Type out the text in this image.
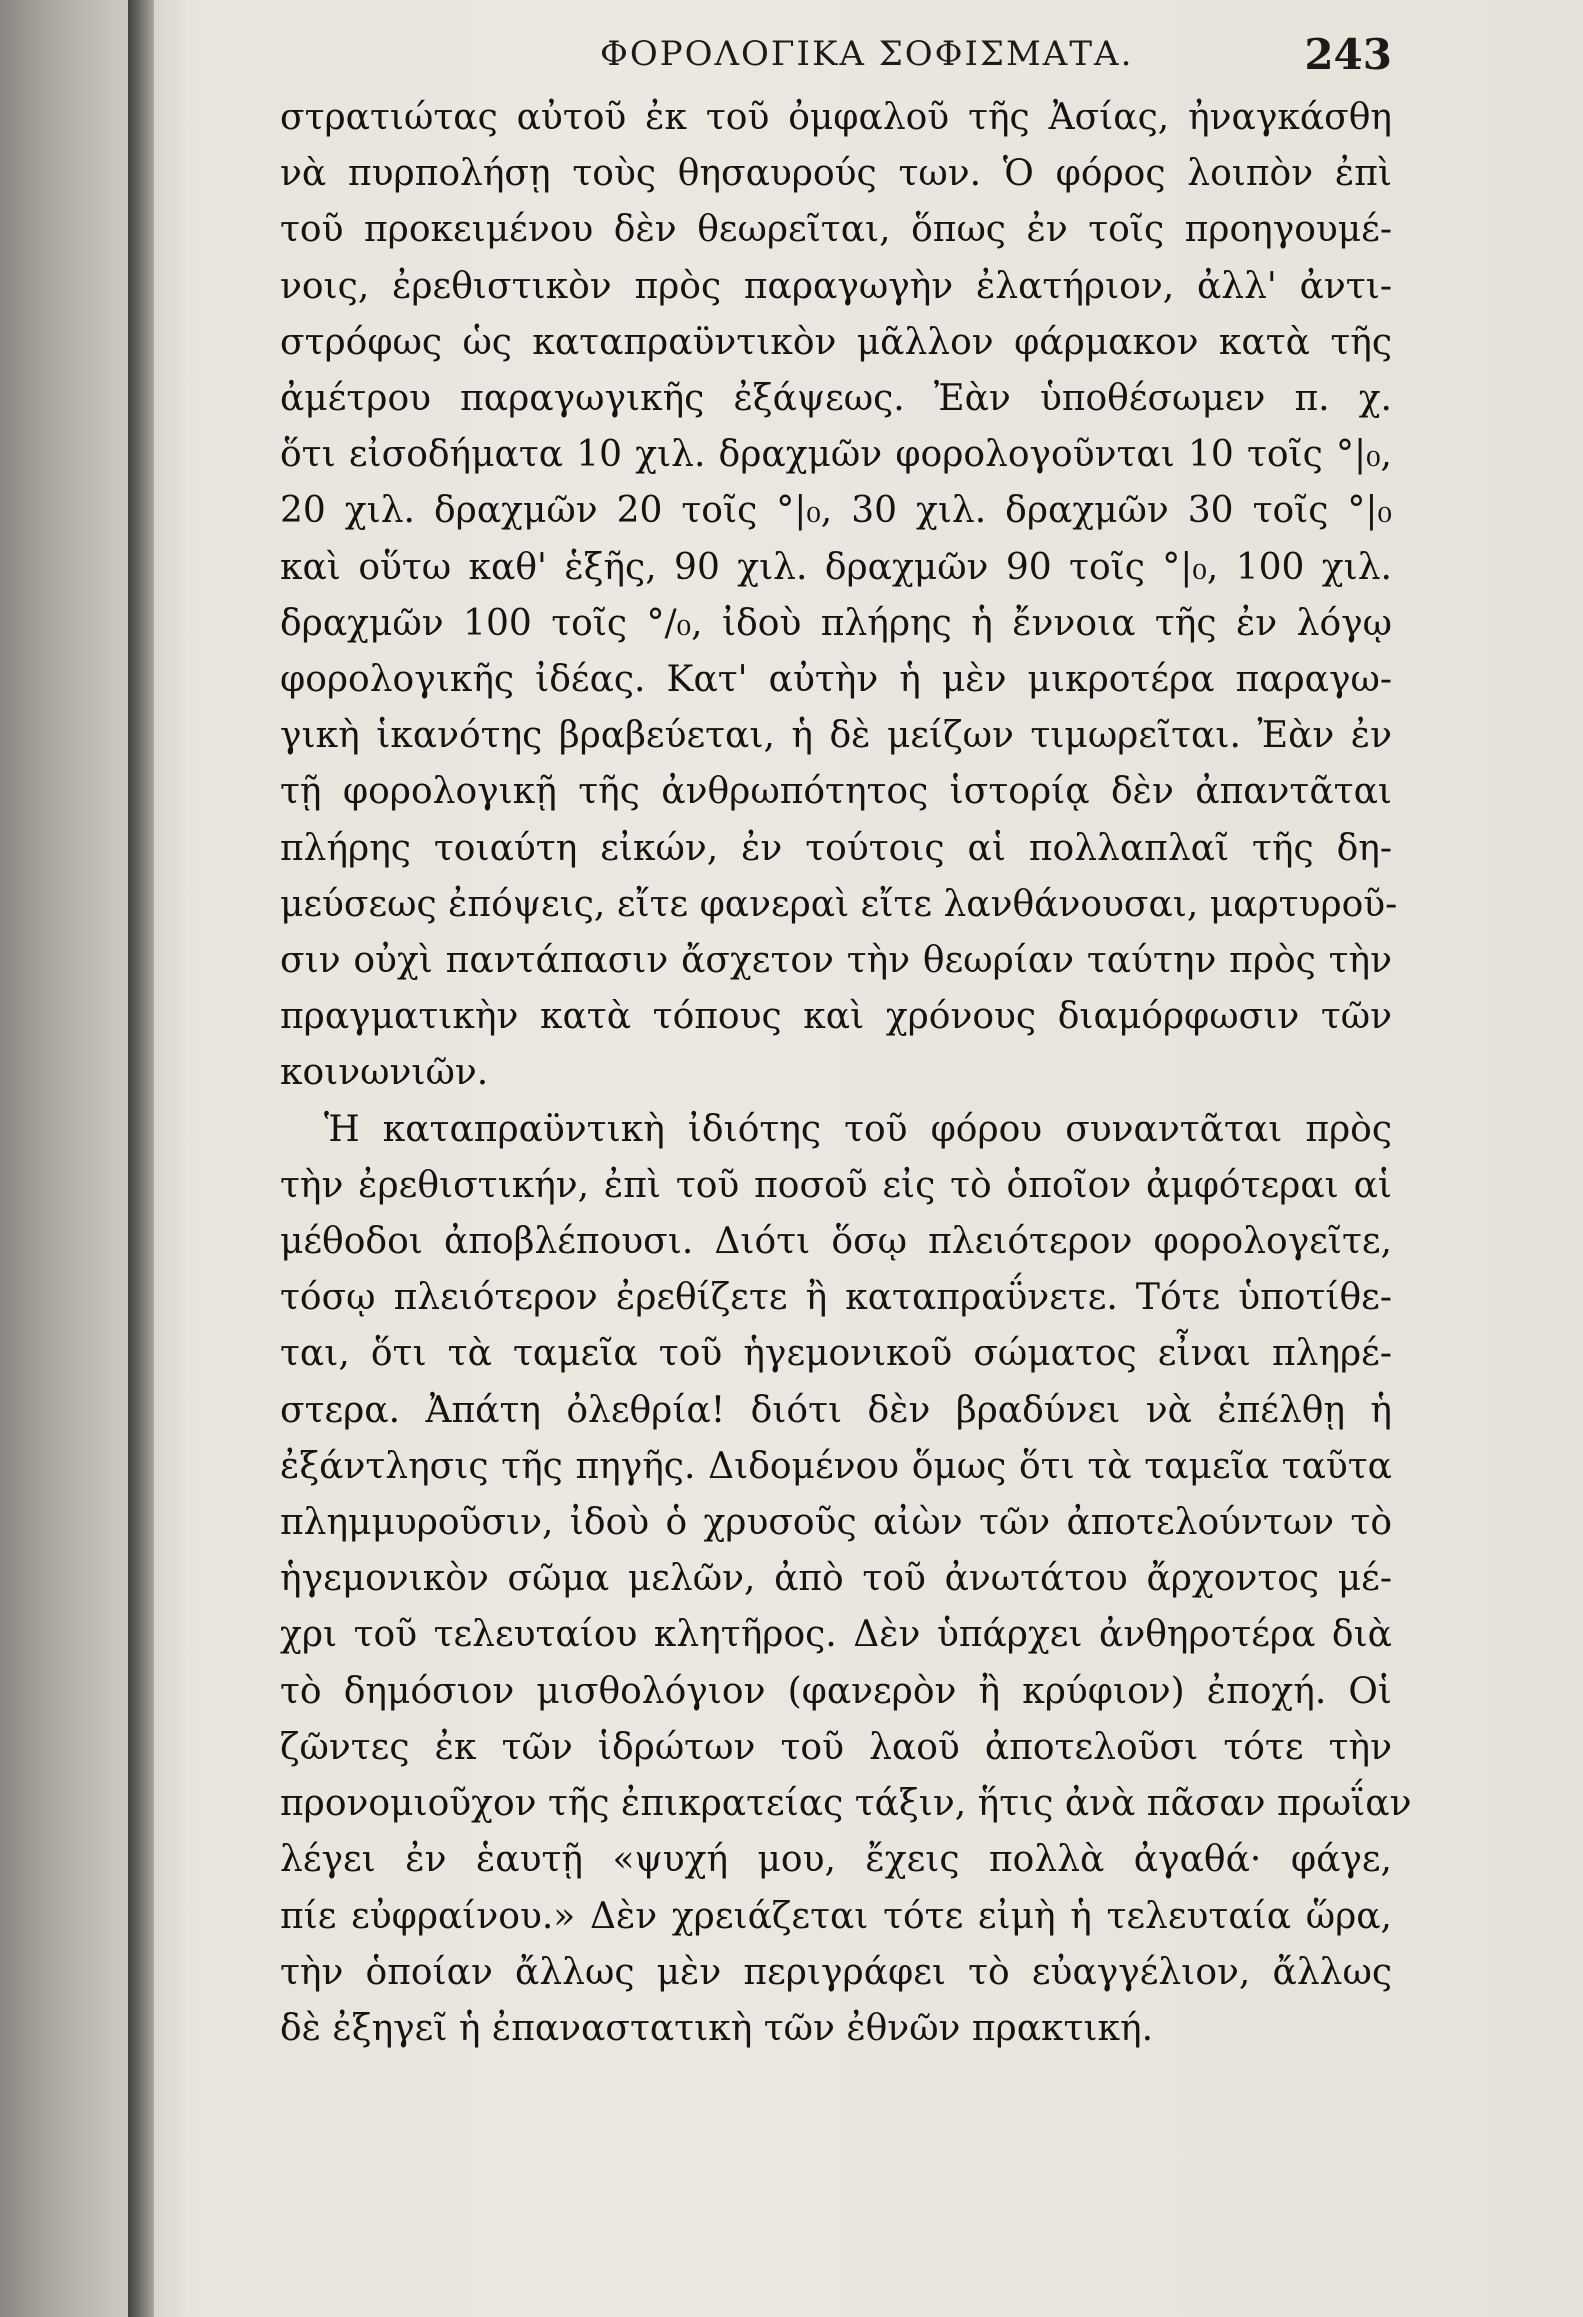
ΦΟΡΟΛΟΓΙΚΑ ΣΟΦΙΣΜΑΤΑ.	243
στρατιώτας αὐτοῦ ἐκ τοῦ ὀμφαλοῦ τῆς Ἀσίας, ἠναγκάσθη
νὰ πυρπολήσῃ τοὺς θησαυρούς των. Ὁ φόρος λοιπὸν ἐπὶ
τοῦ προκειμένου δὲν θεωρεῖται, ὅπως ἐν τοῖς προηγουμέ-
νοις, ἐρεθιστικὸν πρὸς παραγωγὴν ἐλατήριον, ἀλλ' ἀντι-
στρόφως ὡς καταπραϋντικὸν μᾶλλον φάρμακον κατὰ τῆς
ἀμέτρου παραγωγικῆς ἐξάψεως. Ἐὰν ὑποθέσωμεν π. χ.
ὅτι εἰσοδήματα 10 χιλ. δραχμῶν φορολογοῦνται 10 τοῖς °|₀,
20 χιλ. δραχμῶν 20 τοῖς °|₀, 30 χιλ. δραχμῶν 30 τοῖς °|₀
καὶ οὕτω καθ' ἑξῆς, 90 χιλ. δραχμῶν 90 τοῖς °|₀, 100 χιλ.
δραχμῶν 100 τοῖς °/₀, ἰδοὺ πλήρης ἡ ἔννοια τῆς ἐν λόγῳ
φορολογικῆς ἰδέας. Κατ' αὐτὴν ἡ μὲν μικροτέρα παραγω-
γικὴ ἱκανότης βραβεύεται, ἡ δὲ μείζων τιμωρεῖται. Ἐὰν ἐν
τῇ φορολογικῇ τῆς ἀνθρωπότητος ἱστορίᾳ δὲν ἀπαντᾶται
πλήρης τοιαύτη εἰκών, ἐν τούτοις αἱ πολλαπλαῖ τῆς δη-
μεύσεως ἐπόψεις, εἴτε φανεραὶ εἴτε λανθάνουσαι, μαρτυροῦ-
σιν οὐχὶ παντάπασιν ἄσχετον τὴν θεωρίαν ταύτην πρὸς τὴν
πραγματικὴν κατὰ τόπους καὶ χρόνους διαμόρφωσιν τῶν
κοινωνιῶν.
Ἡ καταπραϋντικὴ ἰδιότης τοῦ φόρου συναντᾶται πρὸς
τὴν ἐρεθιστικήν, ἐπὶ τοῦ ποσοῦ εἰς τὸ ὁποῖον ἀμφότεραι αἱ
μέθοδοι ἀποβλέπουσι. Διότι ὅσῳ πλειότερον φορολογεῖτε,
τόσῳ πλειότερον ἐρεθίζετε ἢ καταπραΰνετε. Τότε ὑποτίθε-
ται, ὅτι τὰ ταμεῖα τοῦ ἡγεμονικοῦ σώματος εἶναι πληρέ-
στερα. Ἀπάτη ὀλεθρία! διότι δὲν βραδύνει νὰ ἐπέλθῃ ἡ
ἐξάντλησις τῆς πηγῆς. Διδομένου ὅμως ὅτι τὰ ταμεῖα ταῦτα
πλημμυροῦσιν, ἰδοὺ ὁ χρυσοῦς αἰὼν τῶν ἀποτελούντων τὸ
ἡγεμονικὸν σῶμα μελῶν, ἀπὸ τοῦ ἀνωτάτου ἄρχοντος μέ-
χρι τοῦ τελευταίου κλητῆρος. Δὲν ὑπάρχει ἀνθηροτέρα διὰ
τὸ δημόσιον μισθολόγιον (φανερὸν ἢ κρύφιον) ἐποχή. Οἱ
ζῶντες ἐκ τῶν ἱδρώτων τοῦ λαοῦ ἀποτελοῦσι τότε τὴν
προνομιοῦχον τῆς ἐπικρατείας τάξιν, ἥτις ἀνὰ πᾶσαν πρωΐαν
λέγει ἐν ἑαυτῇ «ψυχή μου, ἔχεις πολλὰ ἀγαθά· φάγε,
πίε εὐφραίνου.» Δὲν χρειάζεται τότε εἰμὴ ἡ τελευταία ὥρα,
τὴν ὁποίαν ἄλλως μὲν περιγράφει τὸ εὐαγγέλιον, ἄλλως
δὲ ἐξηγεῖ ἡ ἐπαναστατικὴ τῶν ἐθνῶν πρακτική.
